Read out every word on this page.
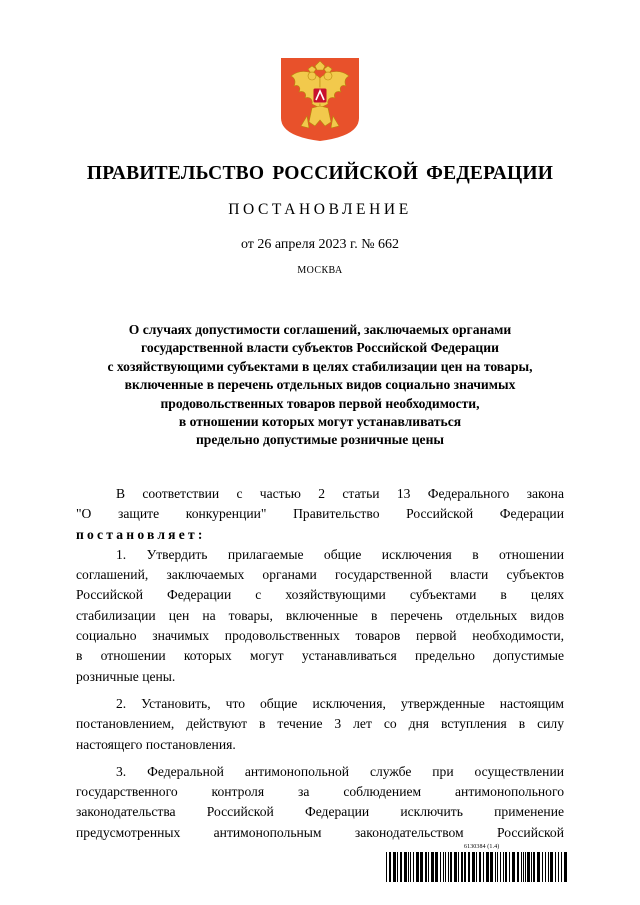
ПРАВИТЕЛЬСТВО РОССИЙСКОЙ ФЕДЕРАЦИИ
ПОСТАНОВЛЕНИЕ
от 26 апреля 2023 г. № 662
МОСКВА
О случаях допустимости соглашений, заключаемых органами
государственной власти субъектов Российской Федерации
с хозяйствующими субъектами в целях стабилизации цен на товары,
включенные в перечень отдельных видов социально значимых
продовольственных товаров первой необходимости,
в отношении которых могут устанавливаться
предельно допустимые розничные цены
В соответствии с частью 2 статьи 13 Федерального закона
"О защите конкуренции" Правительство Российской Федерации
постановляет:
1. Утвердить прилагаемые общие исключения в отношении
соглашений, заключаемых органами государственной власти субъектов
Российской Федерации с хозяйствующими субъектами в целях
стабилизации цен на товары, включенные в перечень отдельных видов
социально значимых продовольственных товаров первой необходимости,
в отношении которых могут устанавливаться предельно допустимые
розничные цены.
2. Установить, что общие исключения, утвержденные настоящим
постановлением, действуют в течение 3 лет со дня вступления в силу
настоящего постановления.
3. Федеральной антимонопольной службе при осуществлении
государственного контроля за соблюдением антимонопольного
законодательства Российской Федерации исключить применение
предусмотренных антимонопольным законодательством Российской
6130384 (1.4)
